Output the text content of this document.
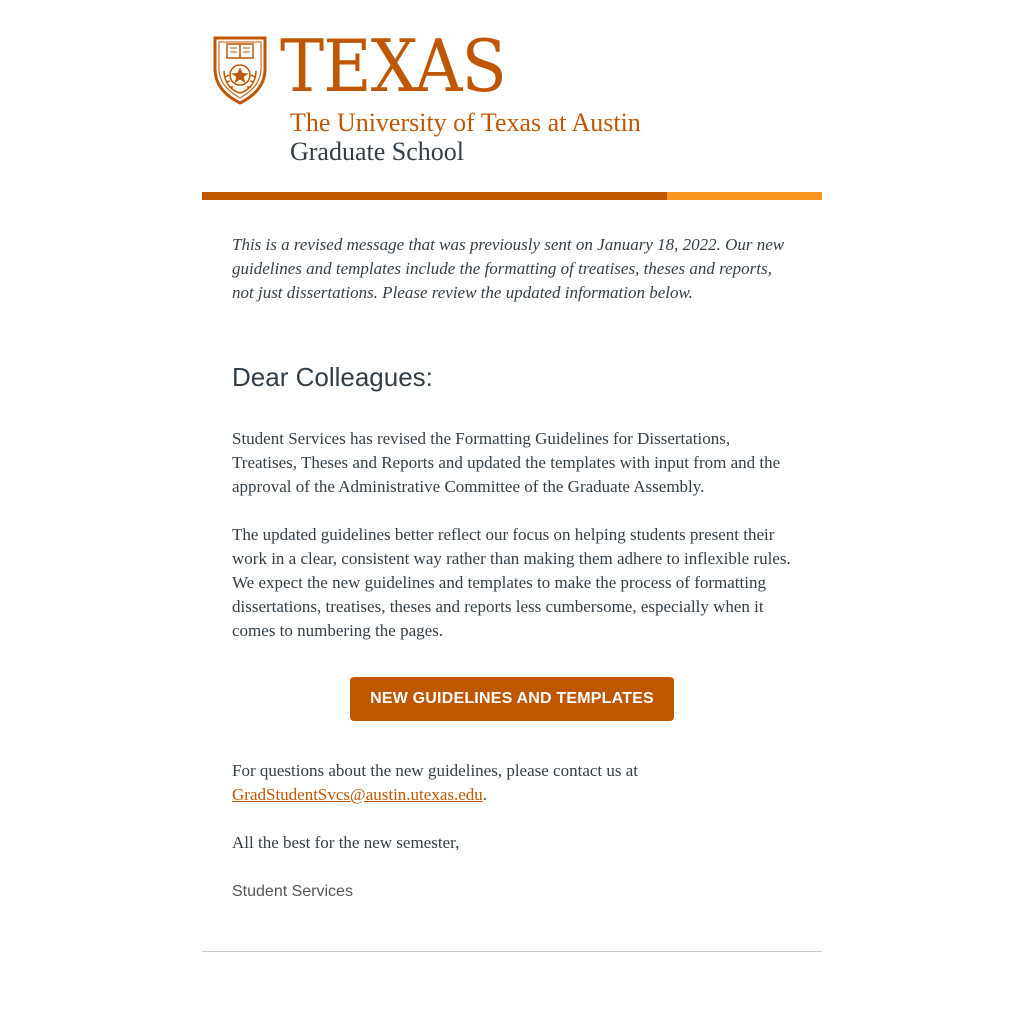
TEXAS
The University of Texas at Austin
Graduate School

This is a revised message that was previously sent on January 18, 2022. Our new guidelines and templates include the formatting of treatises, theses and reports, not just dissertations. Please review the updated information below.

Dear Colleagues:

Student Services has revised the Formatting Guidelines for Dissertations, Treatises, Theses and Reports and updated the templates with input from and the approval of the Administrative Committee of the Graduate Assembly.

The updated guidelines better reflect our focus on helping students present their work in a clear, consistent way rather than making them adhere to inflexible rules. We expect the new guidelines and templates to make the process of formatting dissertations, treatises, theses and reports less cumbersome, especially when it comes to numbering the pages.

NEW GUIDELINES AND TEMPLATES

For questions about the new guidelines, please contact us at GradStudentSvcs@austin.utexas.edu.

All the best for the new semester,

Student Services
